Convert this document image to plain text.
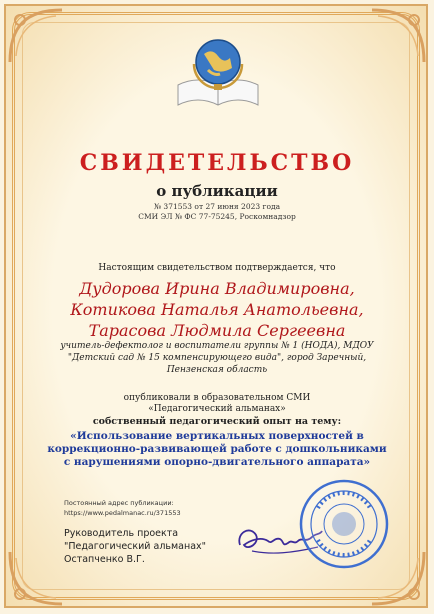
СВИДЕТЕЛЬСТВО
о публикации
№ 371553 от 27 июня 2023 года
СМИ ЭЛ № ФС 77-75245, Роскомнадзор
Настоящим свидетельством подтверждается, что
Дудорова Ирина Владимировна,
Котикова Наталья Анатольевна,
Тарасова Людмила Сергеевна
учитель-дефектолог и воспитатели группы № 1 (НОДА), МДОУ
"Детский сад № 15 компенсирующего вида", город Заречный,
Пензенская область
опубликовали в образовательном СМИ
«Педагогический альманах»
собственный педагогический опыт на тему:
«Использование вертикальных поверхностей в
коррекционно-развивающей работе с дошкольниками
с нарушениями опорно-двигательного аппарата»
Постоянный адрес публикации:
https://www.pedalmanac.ru/371553
Руководитель проекта
"Педагогический альманах"
Остапченко В.Г.
